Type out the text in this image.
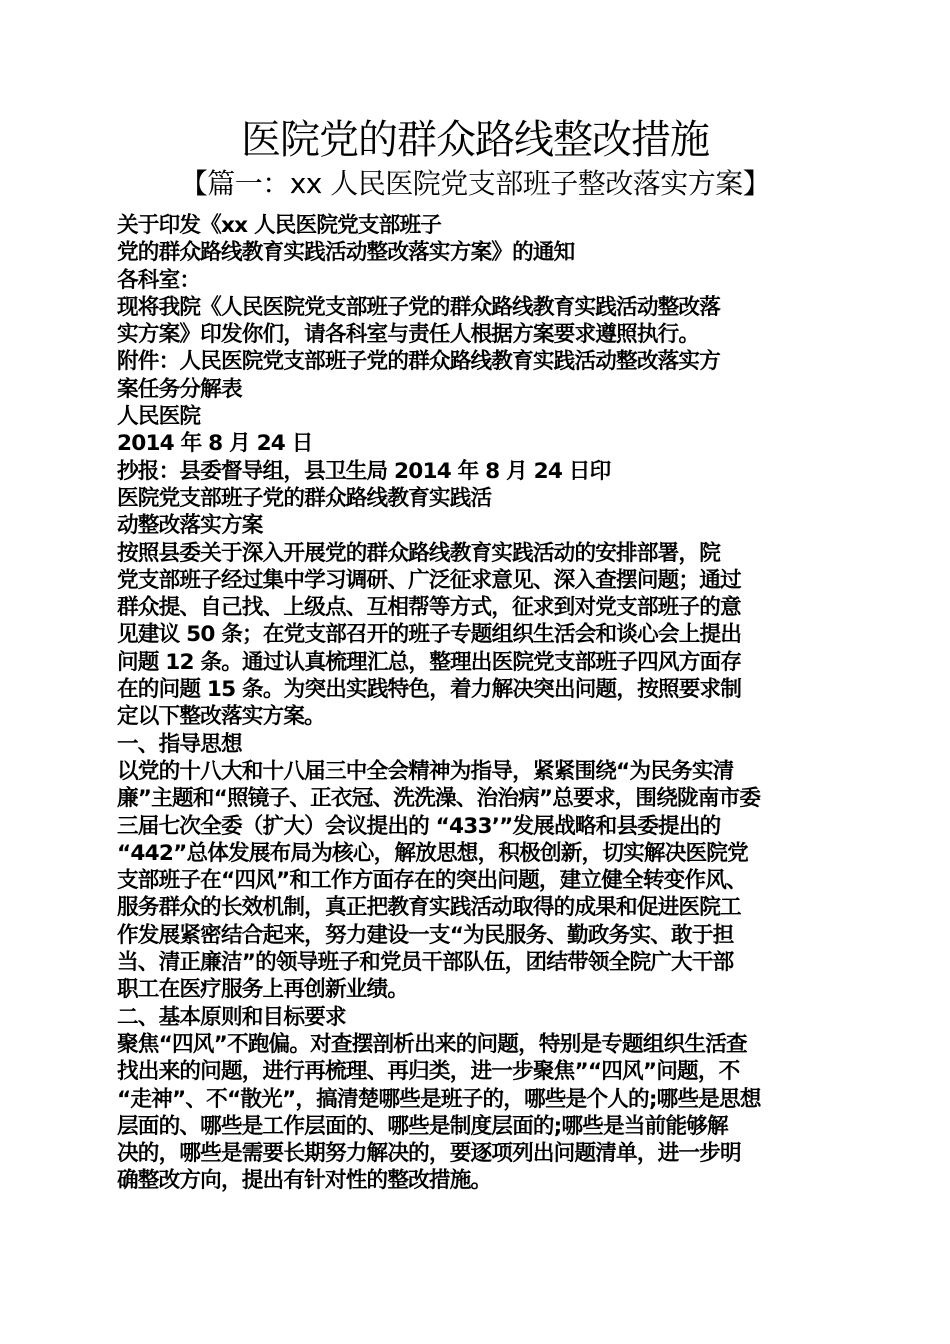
医院党的群众路线整改措施
【篇一：xx 人民医院党支部班子整改落实方案】
关于印发《xx 人民医院党支部班子
党的群众路线教育实践活动整改落实方案》的通知
各科室：
现将我院《人民医院党支部班子党的群众路线教育实践活动整改落
实方案》印发你们，请各科室与责任人根据方案要求遵照执行。
附件：人民医院党支部班子党的群众路线教育实践活动整改落实方
案任务分解表
人民医院
2014 年 8 月 24 日
抄报：县委督导组，县卫生局 2014 年 8 月 24 日印
医院党支部班子党的群众路线教育实践活
动整改落实方案
按照县委关于深入开展党的群众路线教育实践活动的安排部署，院
党支部班子经过集中学习调研、广泛征求意见、深入查摆问题；通过
群众提、自己找、上级点、互相帮等方式，征求到对党支部班子的意
见建议 50 条；在党支部召开的班子专题组织生活会和谈心会上提出
问题 12 条。通过认真梳理汇总，整理出医院党支部班子四风方面存
在的问题 15 条。为突出实践特色，着力解决突出问题，按照要求制
定以下整改落实方案。
一、指导思想
以党的十八大和十八届三中全会精神为指导，紧紧围绕“为民务实清
廉”主题和“照镜子、正衣冠、洗洗澡、治治病”总要求，围绕陇南市委
三届七次全委（扩大）会议提出的 “433’”发展战略和县委提出的
“442”总体发展布局为核心，解放思想，积极创新，切实解决医院党
支部班子在“四风”和工作方面存在的突出问题，建立健全转变作风、
服务群众的长效机制，真正把教育实践活动取得的成果和促进医院工
作发展紧密结合起来，努力建设一支“为民服务、勤政务实、敢于担
当、清正廉洁”的领导班子和党员干部队伍，团结带领全院广大干部
职工在医疗服务上再创新业绩。
二、基本原则和目标要求
聚焦“四风”不跑偏。对查摆剖析出来的问题，特别是专题组织生活查
找出来的问题，进行再梳理、再归类，进一步聚焦”“四风”问题，不
“走神”、不“散光”，搞清楚哪些是班子的，哪些是个人的;哪些是思想
层面的、哪些是工作层面的、哪些是制度层面的;哪些是当前能够解
决的，哪些是需要长期努力解决的，要逐项列出问题清单，进一步明
确整改方向，提出有针对性的整改措施。
